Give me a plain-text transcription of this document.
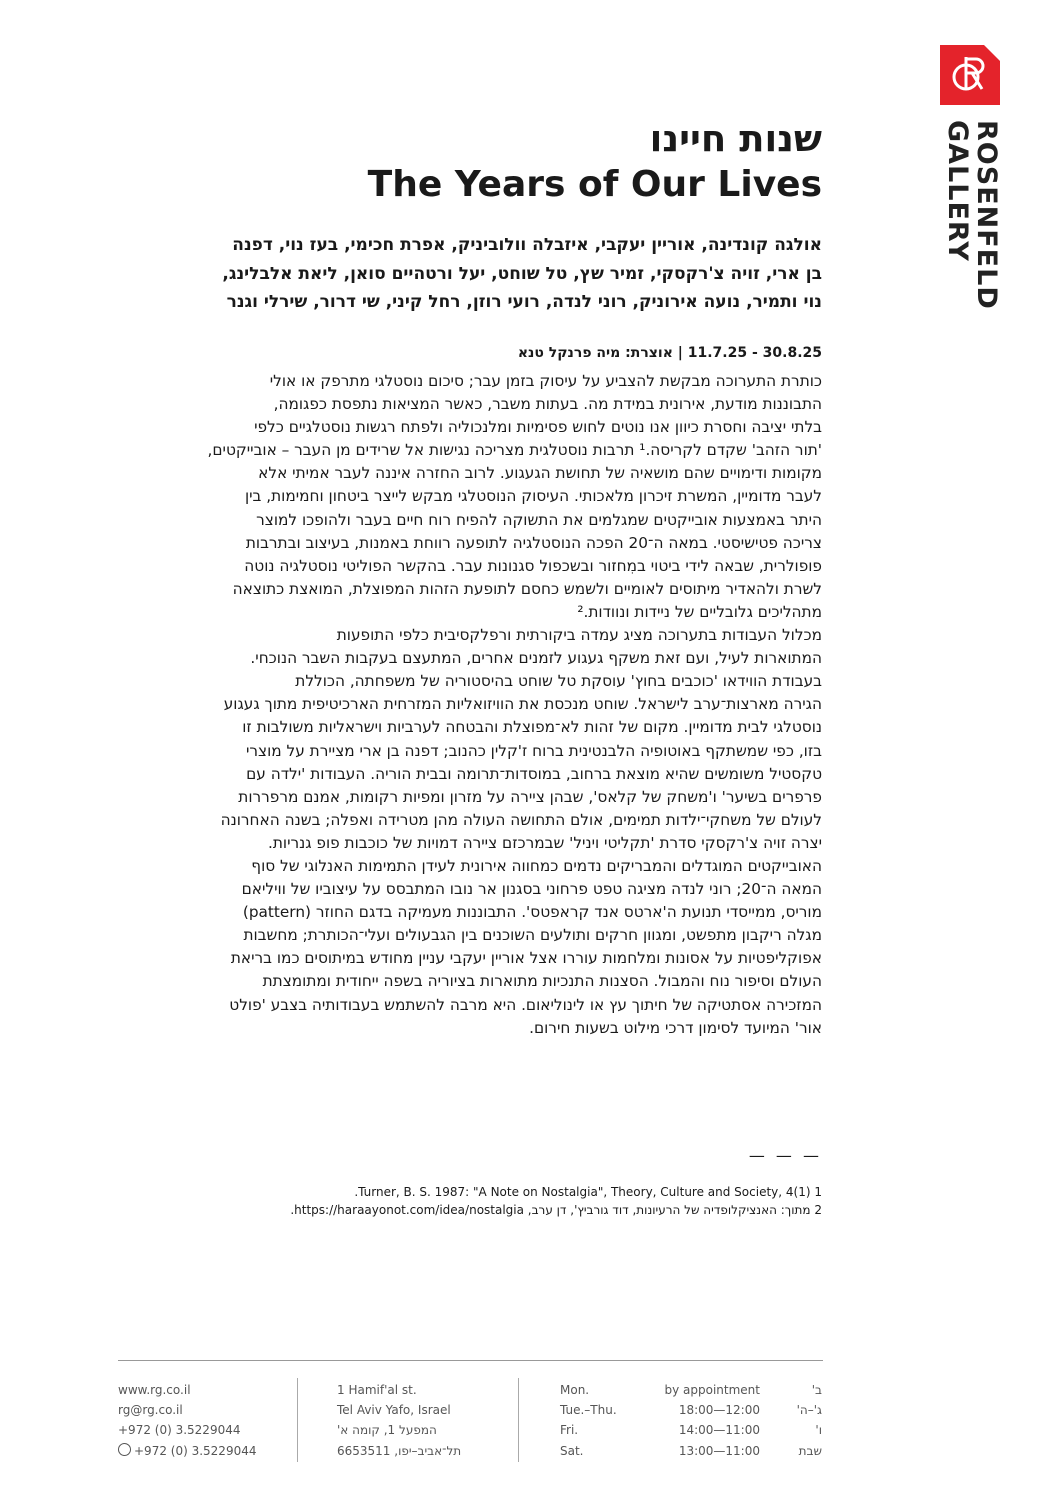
ROSENFELD
GALLERY
שנות חיינו
The Years of Our Lives
אולגה קונדינה, אוריין יעקבי, איזבלה וולוביניק, אפרת חכימי, בעז נוי, דפנה
בן ארי, זויה צ'רקסקי, זמיר שץ, טל שוחט, יעל ורטהיים סואן, ליאת אלבלינג,
נוי ותמיר, נועה אירוניק, רוני לנדה, רועי רוזן, רחל קיני, שי דרור, שירלי וגנר
30.8.25 - 11.7.25 | אוצרת: מיה פרנקל טנא
כותרת התערוכה מבקשת להצביע על עיסוק בזמן עבר; סיכום נוסטלגי מתרפק או אולי
התבוננות מודעת, אירונית במידת מה. בעתות משבר, כאשר המציאות נתפסת כפגומה,
בלתי יציבה וחסרת כיוון אנו נוטים לחוש פסימיות ומלנכוליה ולפתח רגשות נוסטלגיים כלפי
'תור הזהב' שקדם לקריסה.¹ תרבות נוסטלגית מצריכה נגישות אל שרידים מן העבר – אובייקטים,
מקומות ודימויים שהם מושאיה של תחושת הגעגוע. לרוב החזרה איננה לעבר אמיתי אלא
לעבר מדומיין, המשרת זיכרון מלאכותי. העיסוק הנוסטלגי מבקש לייצר ביטחון וחמימות, בין
היתר באמצעות אובייקטים שמגלמים את התשוקה להפיח רוח חיים בעבר ולהופכו למוצר
צריכה פטישיסטי. במאה ה־20 הפכה הנוסטלגיה לתופעה רווחת באמנות, בעיצוב ובתרבות
פופולרית, שבאה לידי ביטוי במִחזור ובשכפול סגנונות עבר. בהקשר הפוליטי נוסטלגיה נוטה
לשרת ולהאדיר מיתוסים לאומיים ולשמש כחסם לתופעת הזהות המפוצלת, המואצת כתוצאה
מתהליכים גלובליים של ניידות ונוודות.²
מכלול העבודות בתערוכה מציג עמדה ביקורתית ורפלקסיבית כלפי התופעות
המתוארות לעיל, ועם זאת משקף געגוע לזמנים אחרים, המתעצם בעקבות השבר הנוכחי.
בעבודת הווידאו 'כוכבים בחוץ' עוסקת טל שוחט בהיסטוריה של משפחתה, הכוללת
הגירה מארצות־ערב לישראל. שוחט מנכסת את הוויזואליות המזרחית הארכיטיפית מתוך געגוע
נוסטלגי לבית מדומיין. מקום של זהות לא־מפוצלת והבטחה לערביות וישראליות משולבות זו
בזו, כפי שמשתקף באוטופיה הלבנטינית ברוח ז'קלין כהנוב; דפנה בן ארי מציירת על מוצרי
טקסטיל משומשים שהיא מוצאת ברחוב, במוסדות־תרומה ובבית הוריה. העבודות 'ילדה עם
פרפרים בשיער' ו'משחק של קלאס', שבהן ציירה על מזרון ומפיות רקומות, אמנם מרפררות
לעולם של משחקי־ילדות תמימים, אולם התחושה העולה מהן מטרידה ואפלה; בשנה האחרונה
יצרה זויה צ'רקסקי סדרת 'תקליטי ויניל' שבמרכזם ציירה דמויות של כוכבות פופ גנריות.
האובייקטים המוגדלים והמבריקים נדמים כמחווה אירונית לעידן התמימות האנלוגי של סוף
המאה ה־20; רוני לנדה מציגה טפט פרחוני בסגנון אר נובו המתבסס על עיצוביו של וויליאם
מוריס, ממייסדי תנועת ה'ארטס אנד קראפטס'. התבוננות מעמיקה בדגם החוזר (pattern)
מגלה ריקבון מתפשט, ומגוון חרקים ותולעים השוכנים בין הגבעולים ועלי־הכותרת; מחשבות
אפוקליפטיות על אסונות ומלחמות עוררו אצל אוריין יעקבי עניין מחודש במיתוסים כמו בריאת
העולם וסיפור נוח והמבול. הסצנות התנכיות מתוארות בציוריה בשפה ייחודית ומתומצתת
המזכירה אסתטיקה של חיתוך עץ או לינוליאום. היא מרבה להשתמש בעבודותיה בצבע 'פולט
אור' המיועד לסימון דרכי מילוט בשעות חירום.
— — —
1 Turner, B. S. 1987: "A Note on Nostalgia", Theory, Culture and Society, 4(1).
2 מתוך: האנציקלופדיה של הרעיונות, דוד גורביץ', דן ערב, https://haraayonot.com/idea/nostalgia.
www.rg.co.il
rg@rg.co.il
+972 (0) 3.5229044
+972 (0) 3.5229044
1 Hamif'al st.
Tel Aviv Yafo, Israel
המפעל 1, קומה א'
תל־אביב–יפו, 6653511
Mon.
Tue.–Thu.
Fri.
Sat.
by appointment
18:00—12:00
14:00—11:00
13:00—11:00
ב'
ג'–ה'
ו'
שבת
